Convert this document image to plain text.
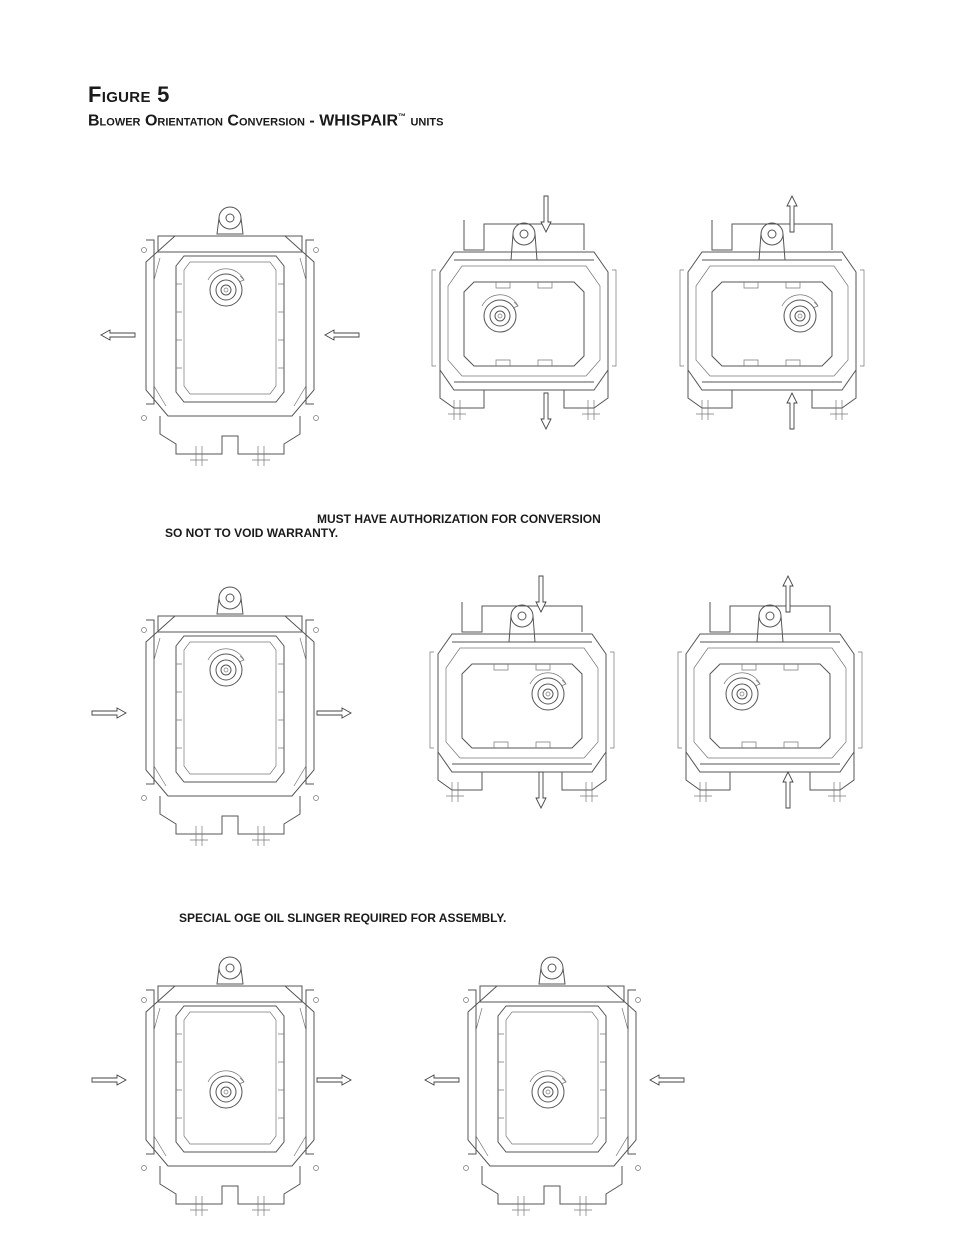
Figure 5
Blower Orientation Conversion - WHISPAIR™ units

MUST HAVE AUTHORIZATION FOR CONVERSION

SO NOT TO VOID WARRANTY.

SPECIAL OGE OIL SLINGER REQUIRED FOR ASSEMBLY.
